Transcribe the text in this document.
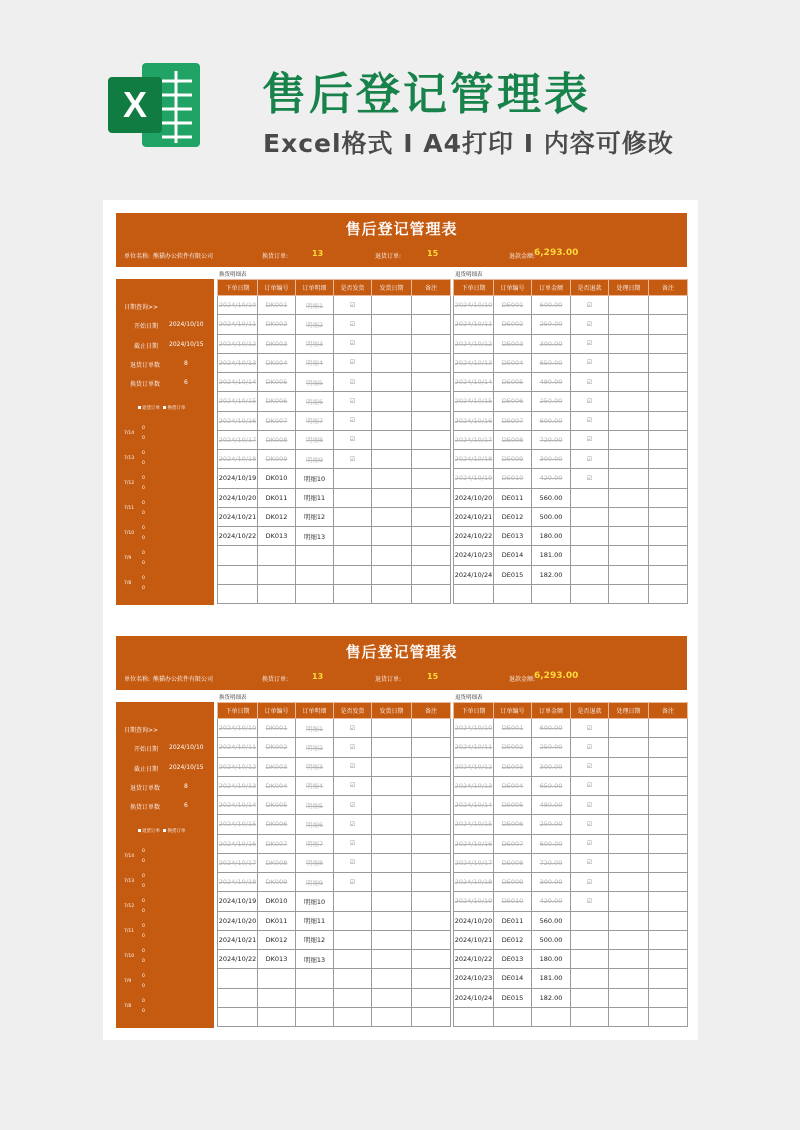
X	售后登记管理表
Excel格式 I A4打印 I 内容可修改
售后登记管理表
单位名称: 熊猫办公软件有限公司	换货订单:	13	退货订单:	15	退款金额:
6,293.00
换货明细表	退货明细表
日期查询>>
开始日期 2024/10/10
截止日期 2024/10/15
退货订单数	8
换货订单数	6
退货订单 换货订单
7/14
0
0
7/13
0
0
7/12
0
0
7/11
0
0
7/10
0
0
7/9
0
0
7/8
0
0
下单日期	订单编号	订单明细	是否发货	发货日期	备注
2024/10/10	DK001	明细1	☑		
2024/10/11	DK002	明细2	☑		
2024/10/12	DK003	明细3	☑		
2024/10/13	DK004	明细4	☑		
2024/10/14	DK005	明细5	☑		
2024/10/15	DK006	明细6	☑		
2024/10/16	DK007	明细7	☑		
2024/10/17	DK008	明细8	☑		
2024/10/18	DK009	明细9	☑		
2024/10/19	DK010	明细10			
2024/10/20	DK011	明细11			
2024/10/21	DK012	明细12			
2024/10/22	DK013	明细13			

下单日期	订单编号	订单金额	是否退款	处理日期	备注
2024/10/10	DE001	600.00	☑		
2024/10/11	DE002	250.00	☑		
2024/10/12	DE003	300.00	☑		
2024/10/13	DE004	650.00	☑		
2024/10/14	DE005	480.00	☑		
2024/10/15	DE006	250.00	☑		
2024/10/16	DE007	600.00	☑		
2024/10/17	DE008	720.00	☑		
2024/10/18	DE009	300.00	☑		
2024/10/19	DE010	420.00	☑		
2024/10/20	DE011	560.00			
2024/10/21	DE012	500.00			
2024/10/22	DE013	180.00			
2024/10/23	DE014	181.00			
2024/10/24	DE015	182.00			

售后登记管理表
单位名称: 熊猫办公软件有限公司	换货订单:	13	退货订单:	15	退款金额:
6,293.00
换货明细表	退货明细表
日期查询>>
开始日期 2024/10/10
截止日期 2024/10/15
退货订单数	8
换货订单数	6
退货订单 换货订单
7/14
0
0
7/13
0
0
7/12
0
0
7/11
0
0
7/10
0
0
7/9
0
0
7/8
0
0
下单日期	订单编号	订单明细	是否发货	发货日期	备注
2024/10/10	DK001	明细1	☑		
2024/10/11	DK002	明细2	☑		
2024/10/12	DK003	明细3	☑		
2024/10/13	DK004	明细4	☑		
2024/10/14	DK005	明细5	☑		
2024/10/15	DK006	明细6	☑		
2024/10/16	DK007	明细7	☑		
2024/10/17	DK008	明细8	☑		
2024/10/18	DK009	明细9	☑		
2024/10/19	DK010	明细10			
2024/10/20	DK011	明细11			
2024/10/21	DK012	明细12			
2024/10/22	DK013	明细13			

下单日期	订单编号	订单金额	是否退款	处理日期	备注
2024/10/10	DE001	600.00	☑		
2024/10/11	DE002	250.00	☑		
2024/10/12	DE003	300.00	☑		
2024/10/13	DE004	650.00	☑		
2024/10/14	DE005	480.00	☑		
2024/10/15	DE006	250.00	☑		
2024/10/16	DE007	600.00	☑		
2024/10/17	DE008	720.00	☑		
2024/10/18	DE009	300.00	☑		
2024/10/19	DE010	420.00	☑		
2024/10/20	DE011	560.00			
2024/10/21	DE012	500.00			
2024/10/22	DE013	180.00			
2024/10/23	DE014	181.00			
2024/10/24	DE015	182.00			
